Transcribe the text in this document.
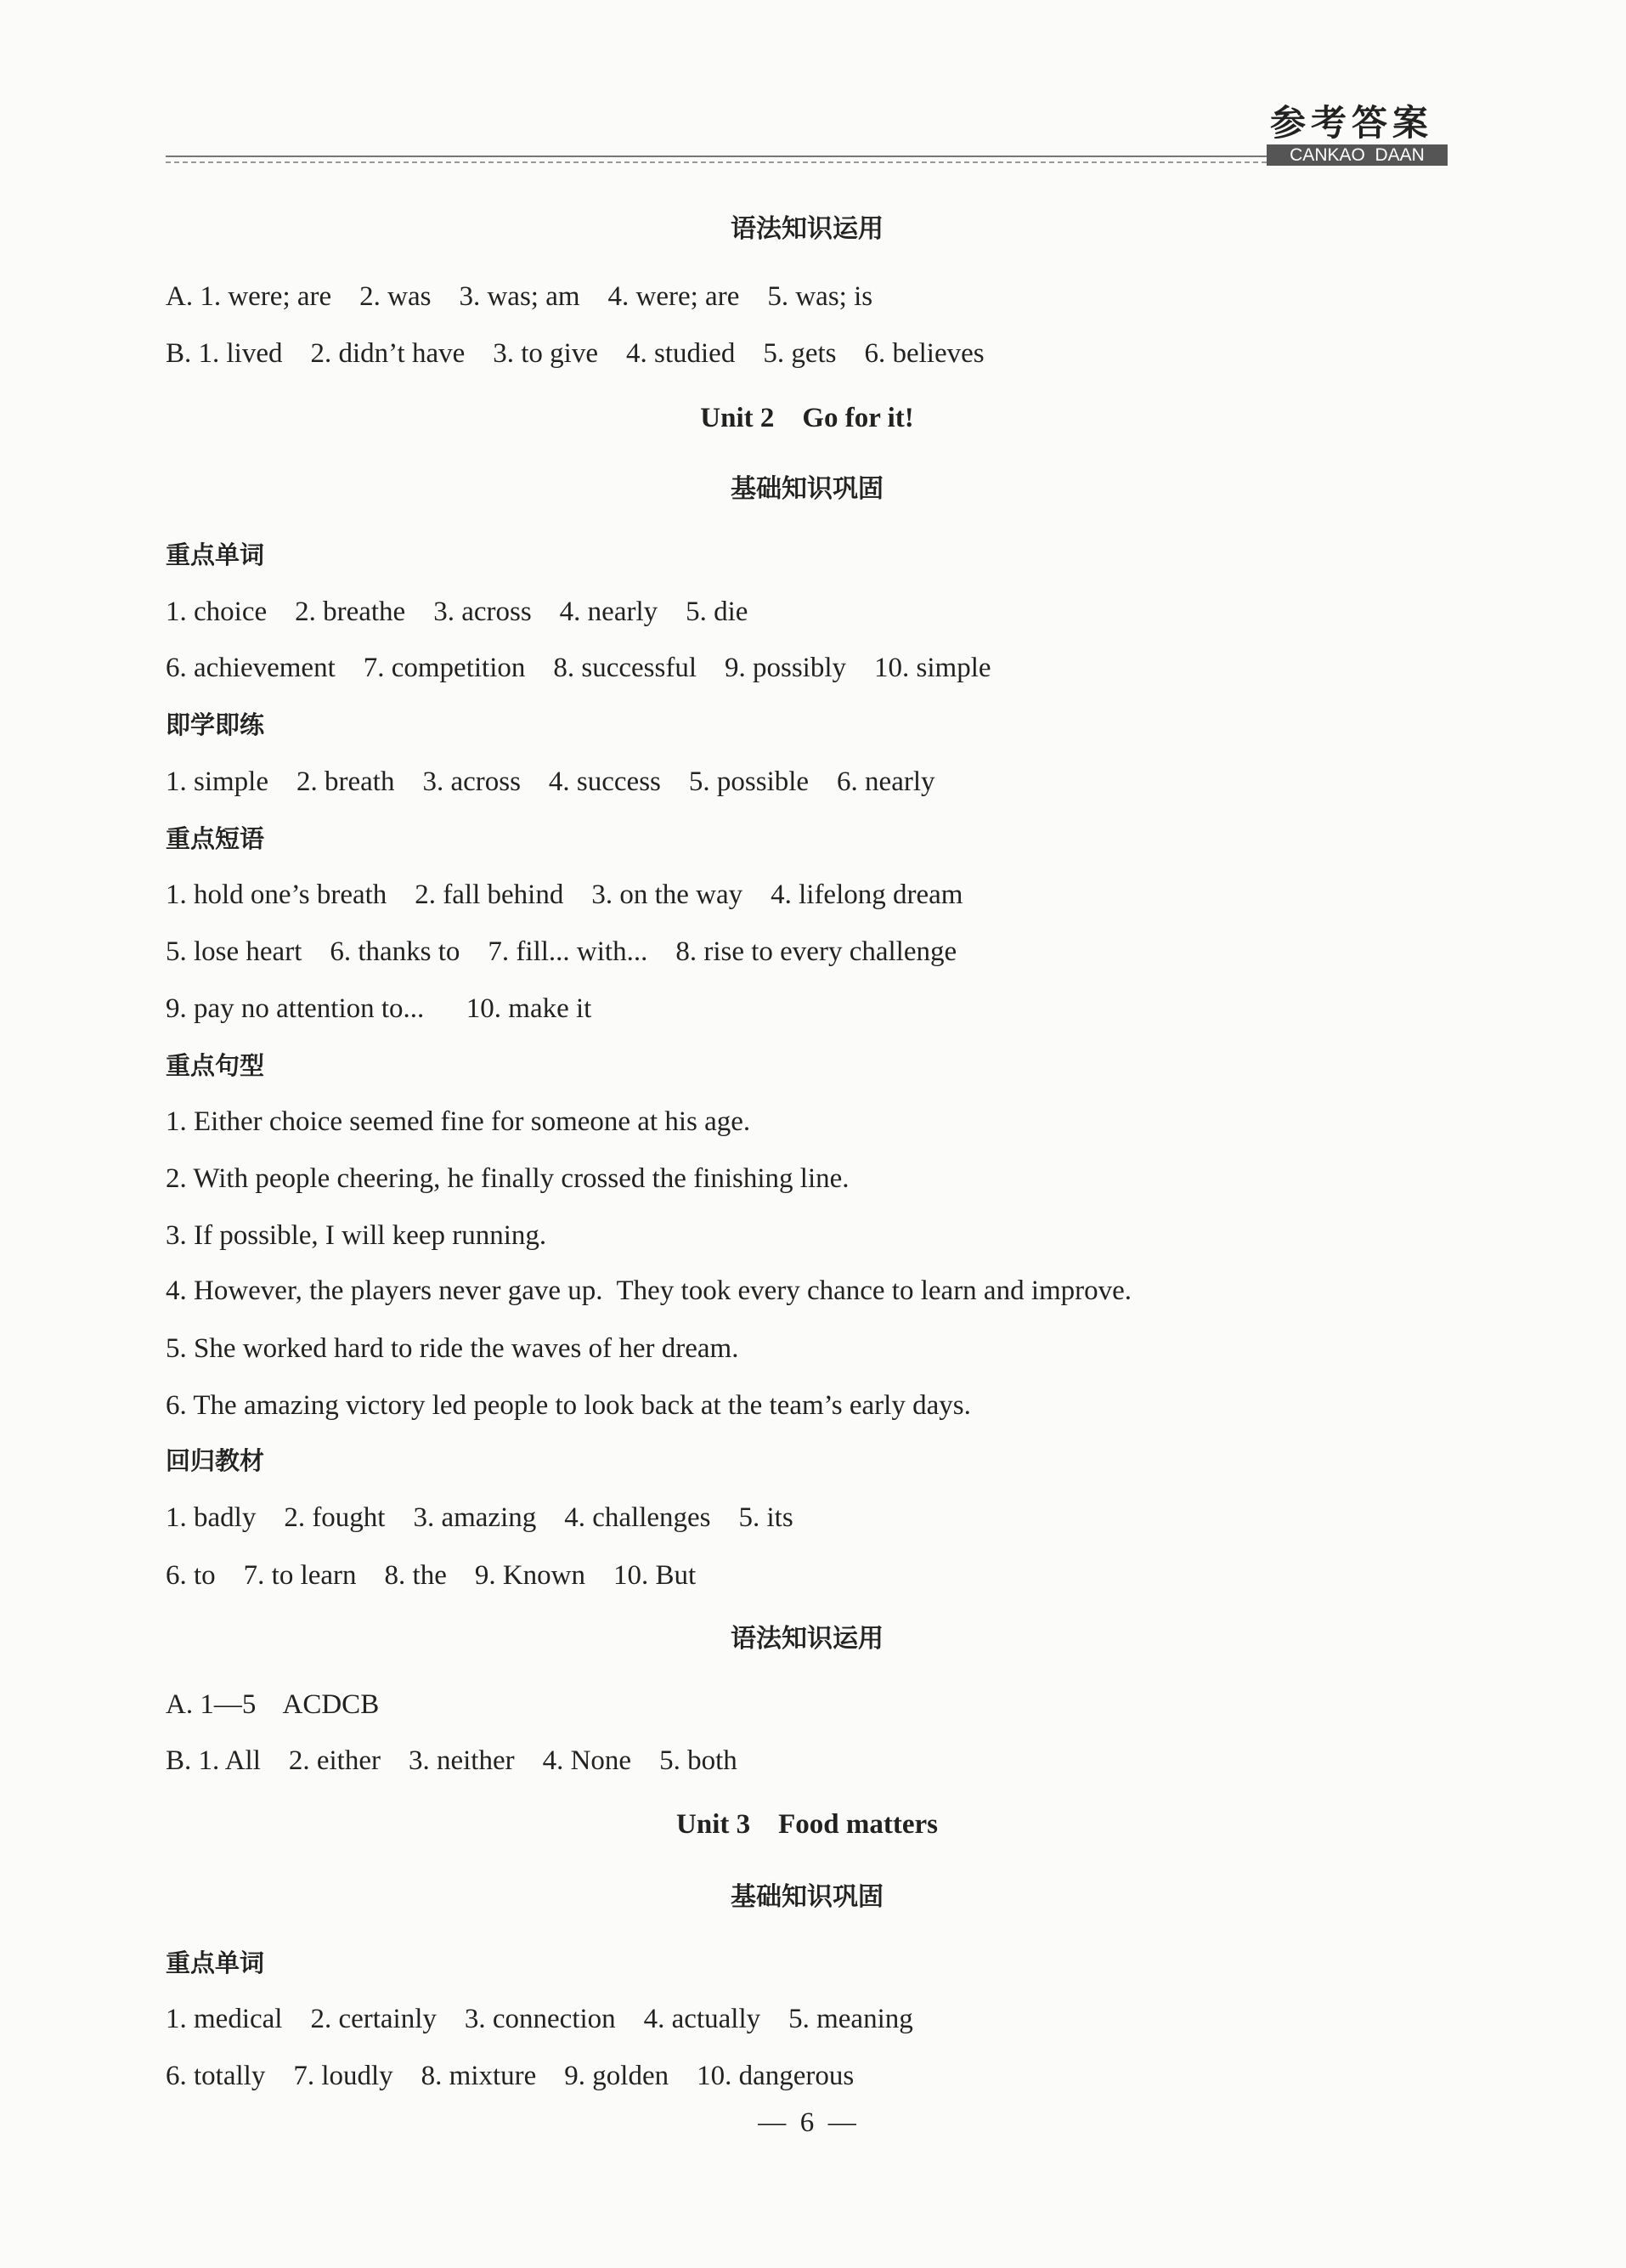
参考答案
CANKAO  DAAN
语法知识运用
A. 1. were; are    2. was    3. was; am    4. were; are    5. was; is
B. 1. lived    2. didn’t have    3. to give    4. studied    5. gets    6. believes
Unit 2    Go for it!
基础知识巩固
重点单词
1. choice    2. breathe    3. across    4. nearly    5. die
6. achievement    7. competition    8. successful    9. possibly    10. simple
即学即练
1. simple    2. breath    3. across    4. success    5. possible    6. nearly
重点短语
1. hold one’s breath    2. fall behind    3. on the way    4. lifelong dream
5. lose heart    6. thanks to    7. fill... with...    8. rise to every challenge
9. pay no attention to...      10. make it
重点句型
1. Either choice seemed fine for someone at his age.
2. With people cheering, he finally crossed the finishing line.
3. If possible, I will keep running.
4. However, the players never gave up.  They took every chance to learn and improve.
5. She worked hard to ride the waves of her dream.
6. The amazing victory led people to look back at the team’s early days.
回归教材
1. badly    2. fought    3. amazing    4. challenges    5. its
6. to    7. to learn    8. the    9. Known    10. But
语法知识运用
A. 1—5    ACDCB
B. 1. All    2. either    3. neither    4. None    5. both
Unit 3    Food matters
基础知识巩固
重点单词
1. medical    2. certainly    3. connection    4. actually    5. meaning
6. totally    7. loudly    8. mixture    9. golden    10. dangerous
—  6  —
